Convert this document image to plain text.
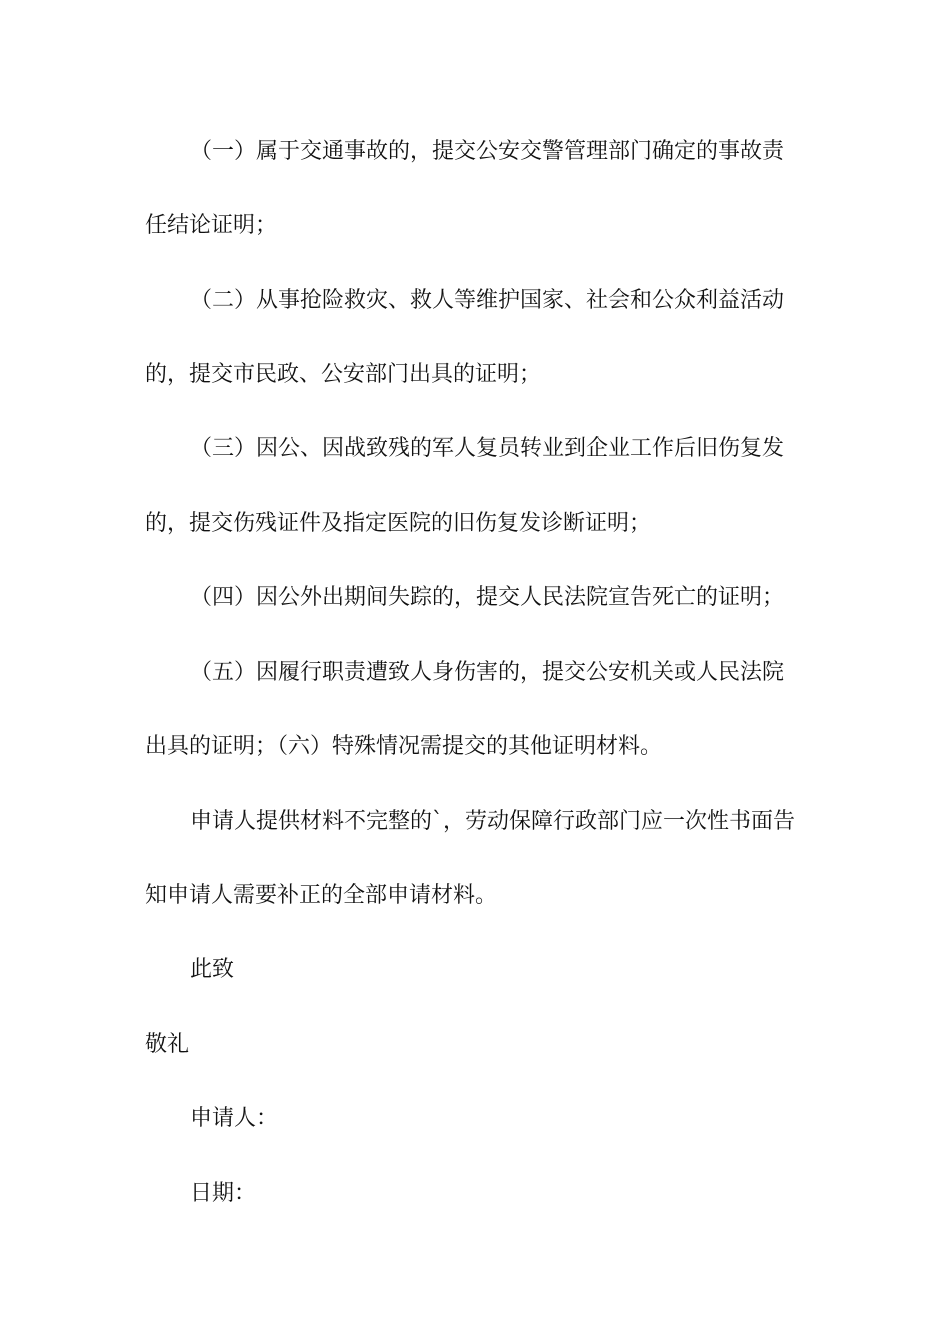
（一）属于交通事故的，提交公安交警管理部门确定的事故责
任结论证明；
（二）从事抢险救灾、救人等维护国家、社会和公众利益活动
的，提交市民政、公安部门出具的证明；
（三）因公、因战致残的军人复员转业到企业工作后旧伤复发
的，提交伤残证件及指定医院的旧伤复发诊断证明；
（四）因公外出期间失踪的，提交人民法院宣告死亡的证明；
（五）因履行职责遭致人身伤害的，提交公安机关或人民法院
出具的证明；（六）特殊情况需提交的其他证明材料。
申请人提供材料不完整的`，劳动保障行政部门应一次性书面告
知申请人需要补正的全部申请材料。
此致
敬礼
申请人：
日期：
